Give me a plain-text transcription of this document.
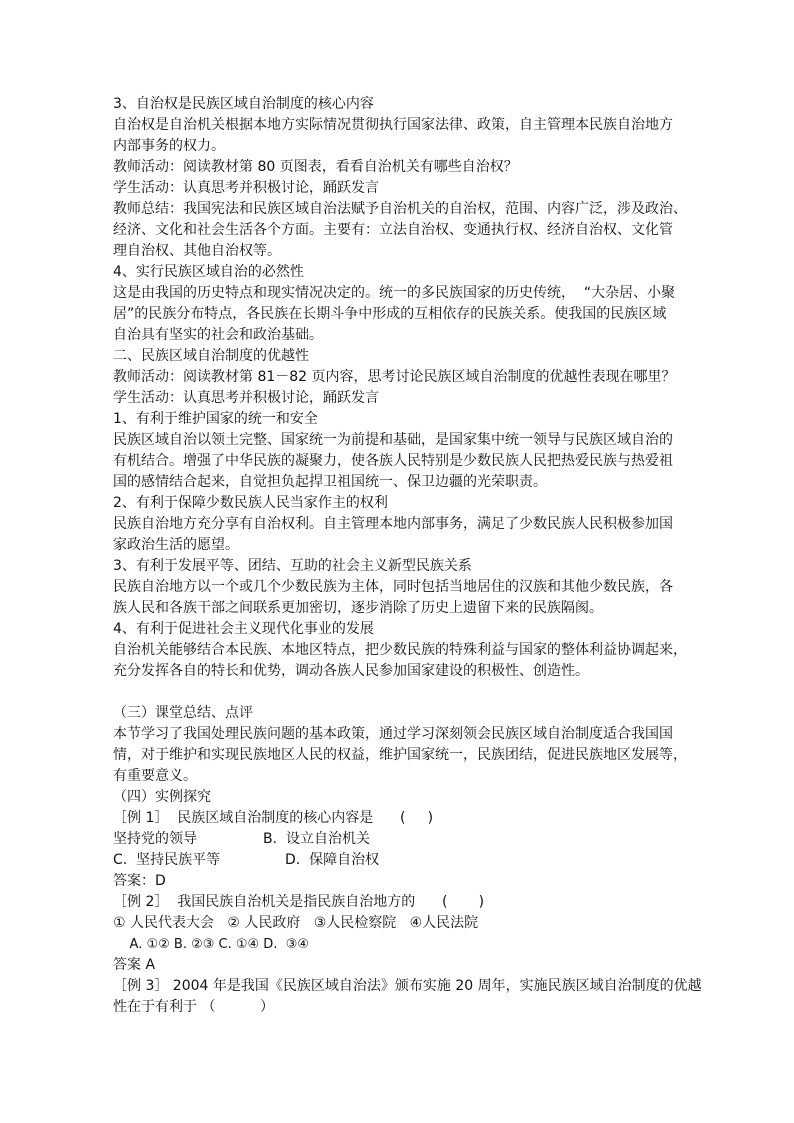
3、自治权是民族区域自治制度的核心内容
自治权是自治机关根据本地方实际情况贯彻执行国家法律、政策，自主管理本民族自治地方
内部事务的权力。
教师活动：阅读教材第 80 页图表，看看自治机关有哪些自治权？
学生活动：认真思考并积极讨论，踊跃发言
教师总结：我国宪法和民族区域自治法赋予自治机关的自治权，范围、内容广泛，涉及政治、
经济、文化和社会生活各个方面。主要有：立法自治权、变通执行权、经济自治权、文化管
理自治权、其他自治权等。
4、实行民族区域自治的必然性
这是由我国的历史特点和现实情况决定的。统一的多民族国家的历史传统，  “大杂居、小聚
居”的民族分布特点，各民族在长期斗争中形成的互相依存的民族关系。使我国的民族区域
自治具有坚实的社会和政治基础。
二、民族区域自治制度的优越性
教师活动：阅读教材第 81－82 页内容，思考讨论民族区域自治制度的优越性表现在哪里？
学生活动：认真思考并积极讨论，踊跃发言
1、有利于维护国家的统一和安全
民族区域自治以领土完整、国家统一为前提和基础，是国家集中统一领导与民族区域自治的
有机结合。增强了中华民族的凝聚力，使各族人民特别是少数民族人民把热爱民族与热爱祖
国的感情结合起来，自觉担负起捍卫祖国统一、保卫边疆的光荣职责。
2、有利于保障少数民族人民当家作主的权利
民族自治地方充分享有自治权利。自主管理本地内部事务，满足了少数民族人民积极参加国
家政治生活的愿望。
3、有利于发展平等、团结、互助的社会主义新型民族关系
民族自治地方以一个或几个少数民族为主体，同时包括当地居住的汉族和其他少数民族，各
族人民和各族干部之间联系更加密切，逐步消除了历史上遗留下来的民族隔阂。
4、有利于促进社会主义现代化事业的发展
自治机关能够结合本民族、本地区特点，把少数民族的特殊利益与国家的整体利益协调起来，
充分发挥各自的特长和优势，调动各族人民参加国家建设的积极性、创造性。
（三）课堂总结、点评
本节学习了我国处理民族问题的基本政策，通过学习深刻领会民族区域自治制度适合我国国
情，对于维护和实现民族地区人民的权益，维护国家统一，民族团结，促进民族地区发展等，
有重要意义。
（四）实例探究
［例 1］  民族区域自治制度的核心内容是      (     )
坚持党的领导	B.  设立自治机关
C.  坚持民族平等	D.  保障自治权
答案：D
［例 2］  我国民族自治机关是指民族自治地方的      (       )
① 人民代表大会   ② 人民政府   ③人民检察院   ④人民法院
A. ①② B. ②③ C. ①④ D.  ③④
答案 A
［例 3］ 2004 年是我国《民族区域自治法》颁布实施 20 周年，实施民族区域自治制度的优越
性在于有利于 （          ）
